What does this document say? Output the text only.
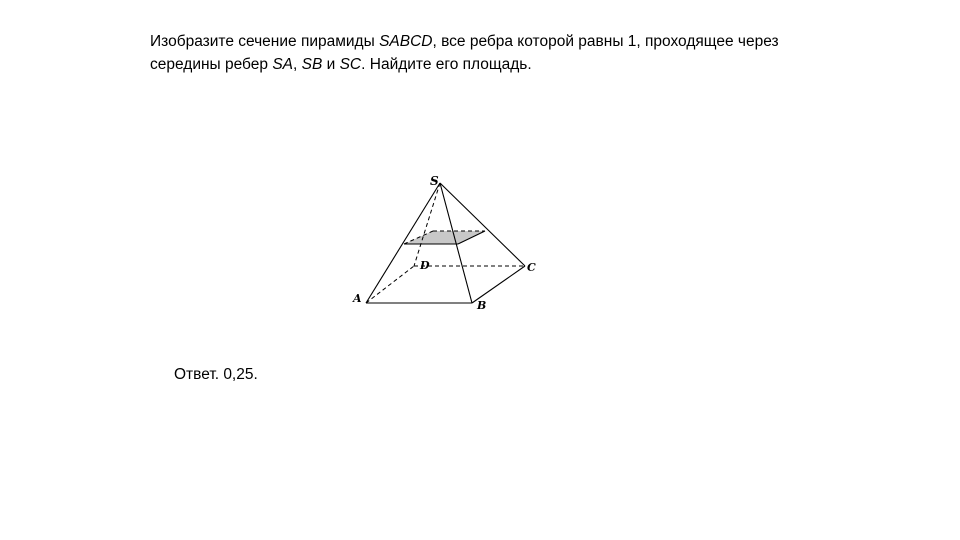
Изобразите сечение пирамиды SABCD, все ребра которой равны 1, проходящее через середины ребер SA, SB и SC. Найдите его площадь.
S
A
B
C
D
Ответ. 0,25.
